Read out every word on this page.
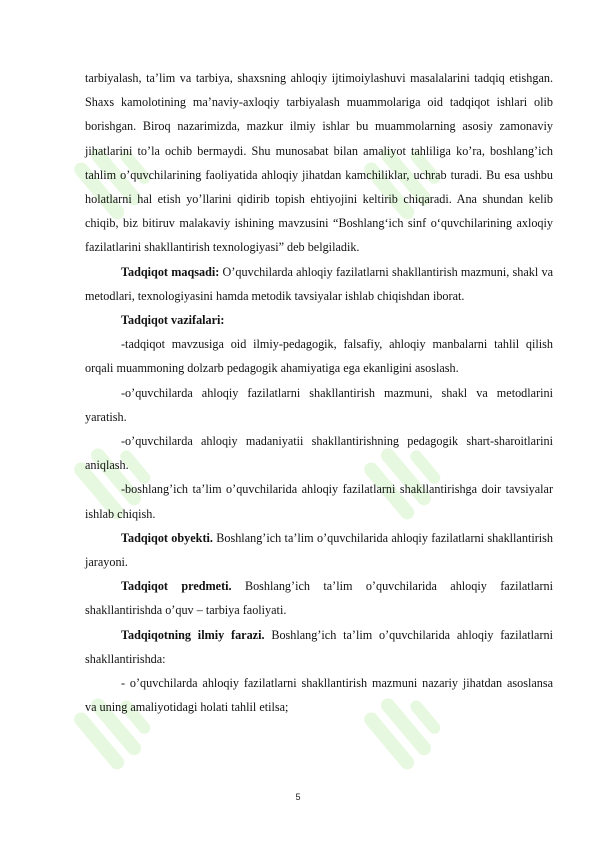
tarbiyalash, ta’lim va tarbiya, shaxsning ahloqiy ijtimoiylashuvi masalalarini tadqiq etishgan. Shaxs kamolotining ma’naviy-axloqiy tarbiyalash muammolariga oid tadqiqot ishlari olib borishgan. Biroq nazarimizda, mazkur ilmiy ishlar bu muammolarning asosiy zamonaviy jihatlarini to’la ochib bermaydi. Shu munosabat bilan amaliyot tahliliga ko’ra, boshlang’ich tahlim o’quvchilarining faoliyatida ahloqiy jihatdan kamchiliklar, uchrab turadi. Bu esa ushbu holatlarni hal etish yo’llarini qidirib topish ehtiyojini keltirib chiqaradi. Ana shundan kelib chiqib, biz bitiruv malakaviy ishining mavzusini “Boshlang‘ich sinf o‘quvchilarining axloqiy fazilatlarini shakllantirish texnologiyasi” deb belgiladik.

Tadqiqot maqsadi: O’quvchilarda ahloqiy fazilatlarni shakllantirish mazmuni, shakl va metodlari, texnologiyasini hamda metodik tavsiyalar ishlab chiqishdan iborat.

Tadqiqot vazifalari:

-tadqiqot mavzusiga oid ilmiy-pedagogik, falsafiy, ahloqiy manbalarni tahlil qilish orqali muammoning dolzarb pedagogik ahamiyatiga ega ekanligini asoslash.

-o’quvchilarda ahloqiy fazilatlarni shakllantirish mazmuni, shakl va metodlarini yaratish.

-o’quvchilarda ahloqiy madaniyatii shakllantirishning pedagogik shart-sharoitlarini aniqlash.

-boshlang’ich ta’lim o’quvchilarida ahloqiy fazilatlarni shakllantirishga doir tavsiyalar ishlab chiqish.

Tadqiqot obyekti. Boshlang’ich ta’lim o’quvchilarida ahloqiy fazilatlarni shakllantirish jarayoni.

Tadqiqot predmeti. Boshlang’ich ta’lim o’quvchilarida ahloqiy fazilatlarni shakllantirishda o’quv – tarbiya faoliyati.

Tadqiqotning ilmiy farazi. Boshlang’ich ta’lim o’quvchilarida ahloqiy fazilatlarni shakllantirishda:

- o’quvchilarda ahloqiy fazilatlarni shakllantirish mazmuni nazariy jihatdan asoslansa va uning amaliyotidagi holati tahlil etilsa;

5
